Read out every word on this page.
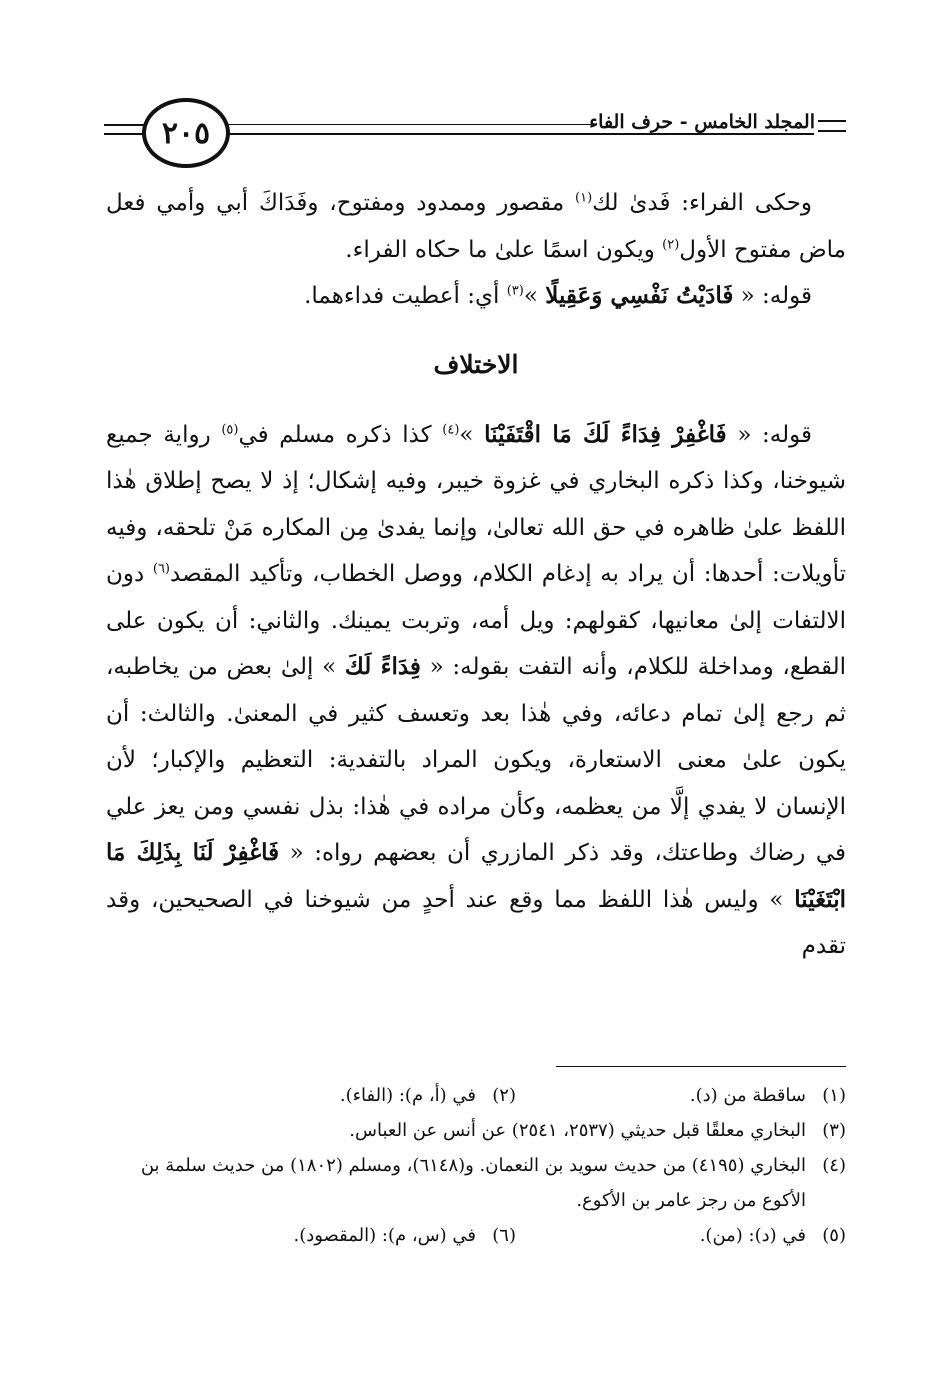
٢٠٥	المجلد الخامس - حرف الفاء

وحكى الفراء: فَدىٰ لك$^{(١)}$ مقصور وممدود ومفتوح، وفَدَاكَ أبي وأمي فعل ماض مفتوح الأول$^{(٢)}$ ويكون اسمًا علىٰ ما حكاه الفراء.

قوله: « فَادَيْتُ نَفْسِي وَعَقِيلًا »$^{(٣)}$ أي: أعطيت فداءهما.

الاختلاف

قوله: « فَاغْفِرْ فِدَاءً لَكَ مَا اقْتَفَيْنَا »$^{(٤)}$ كذا ذكره مسلم في$^{(٥)}$ رواية جميع شيوخنا، وكذا ذكره البخاري في غزوة خيبر، وفيه إشكال؛ إذ لا يصح إطلاق هٰذا اللفظ علىٰ ظاهره في حق الله تعالىٰ، وإنما يفدىٰ مِن المكاره مَنْ تلحقه، وفيه تأويلات: أحدها: أن يراد به إدغام الكلام، ووصل الخطاب، وتأكيد المقصد$^{(٦)}$ دون الالتفات إلىٰ معانيها، كقولهم: ويل أمه، وتربت يمينك. والثاني: أن يكون على القطع، ومداخلة للكلام، وأنه التفت بقوله: « فِدَاءً لَكَ » إلىٰ بعض من يخاطبه، ثم رجع إلىٰ تمام دعائه، وفي هٰذا بعد وتعسف كثير في المعنىٰ. والثالث: أن يكون علىٰ معنى الاستعارة، ويكون المراد بالتفدية: التعظيم والإكبار؛ لأن الإنسان لا يفدي إلَّا من يعظمه، وكأن مراده في هٰذا: بذل نفسي ومن يعز علي في رضاك وطاعتك، وقد ذكر المازري أن بعضهم رواه: « فَاغْفِرْ لَنَا بِذَلِكَ مَا ابْتَغَيْنَا » وليس هٰذا اللفظ مما وقع عند أحدٍ من شيوخنا في الصحيحين، وقد تقدم

(١)
ساقطة من (د).
(٢)
في (أ، م): (الفاء).
(٣)
البخاري معلقًا قبل حديثي (٢٥٣٧، ٢٥٤١) عن أنس عن العباس.
(٤)
البخاري (٤١٩٥) من حديث سويد بن النعمان. و(٦١٤٨)، ومسلم (١٨٠٢) من حديث سلمة بن الأكوع من رجز عامر بن الأكوع.
(٥)
في (د): (من).
(٦)
في (س، م): (المقصود).
